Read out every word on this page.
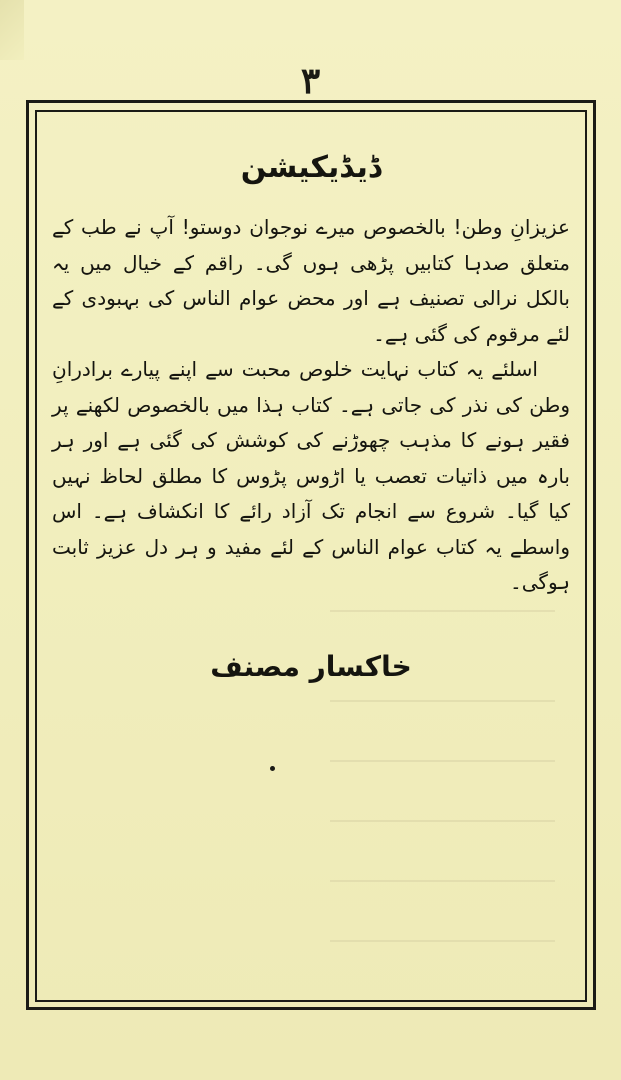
۳
ڈیڈیکیشن

عزیزانِ وطن! بالخصوص میرے نوجوان دوستو! آپ نے طب کے متعلق صدہا کتابیں پڑھی ہوں گی۔ راقم کے خیال میں یہ بالکل نرالی تصنیف ہے اور محض عوام الناس کی بہبودی کے لئے مرقوم کی گئی ہے۔

اسلئے یہ کتاب نہایت خلوص محبت سے اپنے پیارے برادرانِ وطن کی نذر کی جاتی ہے۔ کتاب ہذا میں بالخصوص لکھنے پر فقیر ہونے کا مذہب چھوڑنے کی کوشش کی گئی ہے اور ہر بارہ میں ذاتیات تعصب یا اڑوس پڑوس کا مطلق لحاظ نہیں کیا گیا۔ شروع سے انجام تک آزاد رائے کا انکشاف ہے۔ اس واسطے یہ کتاب عوام الناس کے لئے مفید و ہر دل عزیز ثابت ہوگی۔

خاکسار مصنف
